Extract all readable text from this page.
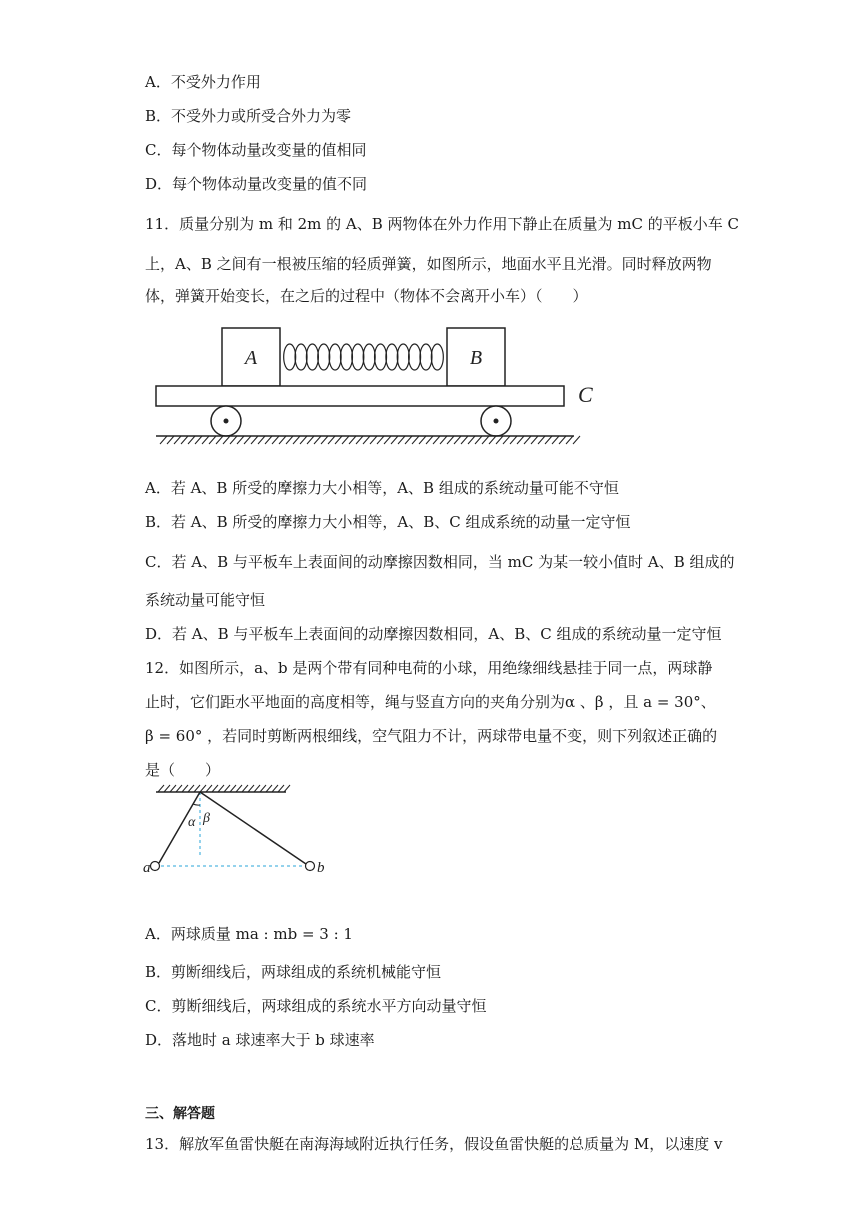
A．不受外力作用
B．不受外力或所受合外力为零
C．每个物体动量改变量的值相同
D．每个物体动量改变量的值不同
11．质量分别为 m 和 2m 的 A、B 两物体在外力作用下静止在质量为 mC 的平板小车 C
上，A、B 之间有一根被压缩的轻质弹簧，如图所示，地面水平且光滑。同时释放两物
体，弹簧开始变长，在之后的过程中（物体不会离开小车）（　　）
A	B
C
A．若 A、B 所受的摩擦力大小相等，A、B 组成的系统动量可能不守恒
B．若 A、B 所受的摩擦力大小相等，A、B、C 组成系统的动量一定守恒
C．若 A、B 与平板车上表面间的动摩擦因数相同，当 mC 为某一较小值时 A、B 组成的
系统动量可能守恒
D．若 A、B 与平板车上表面间的动摩擦因数相同，A、B、C 组成的系统动量一定守恒
12．如图所示，a、b 是两个带有同种电荷的小球，用绝缘细线悬挂于同一点，两球静
止时，它们距水平地面的高度相等，绳与竖直方向的夹角分别为α 、β ，且 a = 30°、
β = 60° ，若同时剪断两根细线，空气阻力不计，两球带电量不变，则下列叙述正确的
是（　　）
α β
a	b
A．两球质量 ma : mb = 3 : 1
B．剪断细线后，两球组成的系统机械能守恒
C．剪断细线后，两球组成的系统水平方向动量守恒
D．落地时 a 球速率大于 b 球速率
三、解答题
13．解放军鱼雷快艇在南海海域附近执行任务，假设鱼雷快艇的总质量为 M，以速度 v
